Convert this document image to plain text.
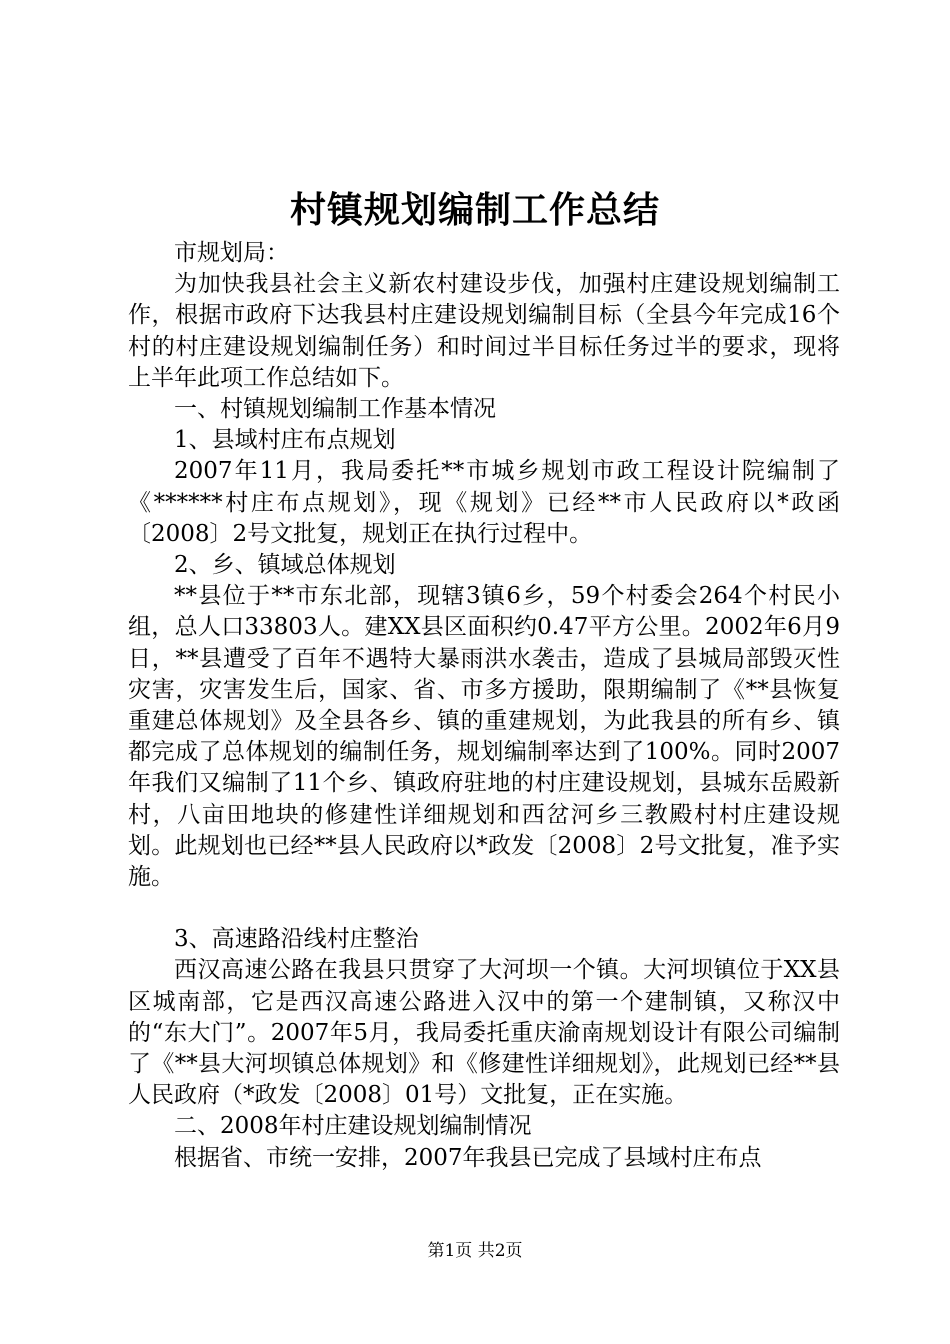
村镇规划编制工作总结

市规划局：

为加快我县社会主义新农村建设步伐，加强村庄建设规划编制工作，根据市政府下达我县村庄建设规划编制目标（全县今年完成16个村的村庄建设规划编制任务）和时间过半目标任务过半的要求，现将上半年此项工作总结如下。

一、村镇规划编制工作基本情况

1、县域村庄布点规划

2007年11月，我局委托**市城乡规划市政工程设计院编制了《******村庄布点规划》，现《规划》已经**市人民政府以*政函〔2008〕2号文批复，规划正在执行过程中。

2、乡、镇域总体规划

**县位于**市东北部，现辖3镇6乡，59个村委会264个村民小组，总人口33803人。建XX县区面积约0.47平方公里。2002年6月9日，**县遭受了百年不遇特大暴雨洪水袭击，造成了县城局部毁灭性灾害，灾害发生后，国家、省、市多方援助，限期编制了《**县恢复重建总体规划》及全县各乡、镇的重建规划，为此我县的所有乡、镇都完成了总体规划的编制任务，规划编制率达到了100%。同时2007年我们又编制了11个乡、镇政府驻地的村庄建设规划，县城东岳殿新村，八亩田地块的修建性详细规划和西岔河乡三教殿村村庄建设规划。此规划也已经**县人民政府以*政发〔2008〕2号文批复，准予实施。

3、高速路沿线村庄整治

西汉高速公路在我县只贯穿了大河坝一个镇。大河坝镇位于XX县区城南部，它是西汉高速公路进入汉中的第一个建制镇，又称汉中的“东大门”。2007年5月，我局委托重庆渝南规划设计有限公司编制了《**县大河坝镇总体规划》和《修建性详细规划》，此规划已经**县人民政府（*政发〔2008〕01号）文批复，正在实施。

二、2008年村庄建设规划编制情况

根据省、市统一安排，2007年我县已完成了县域村庄布点

第1页 共2页
